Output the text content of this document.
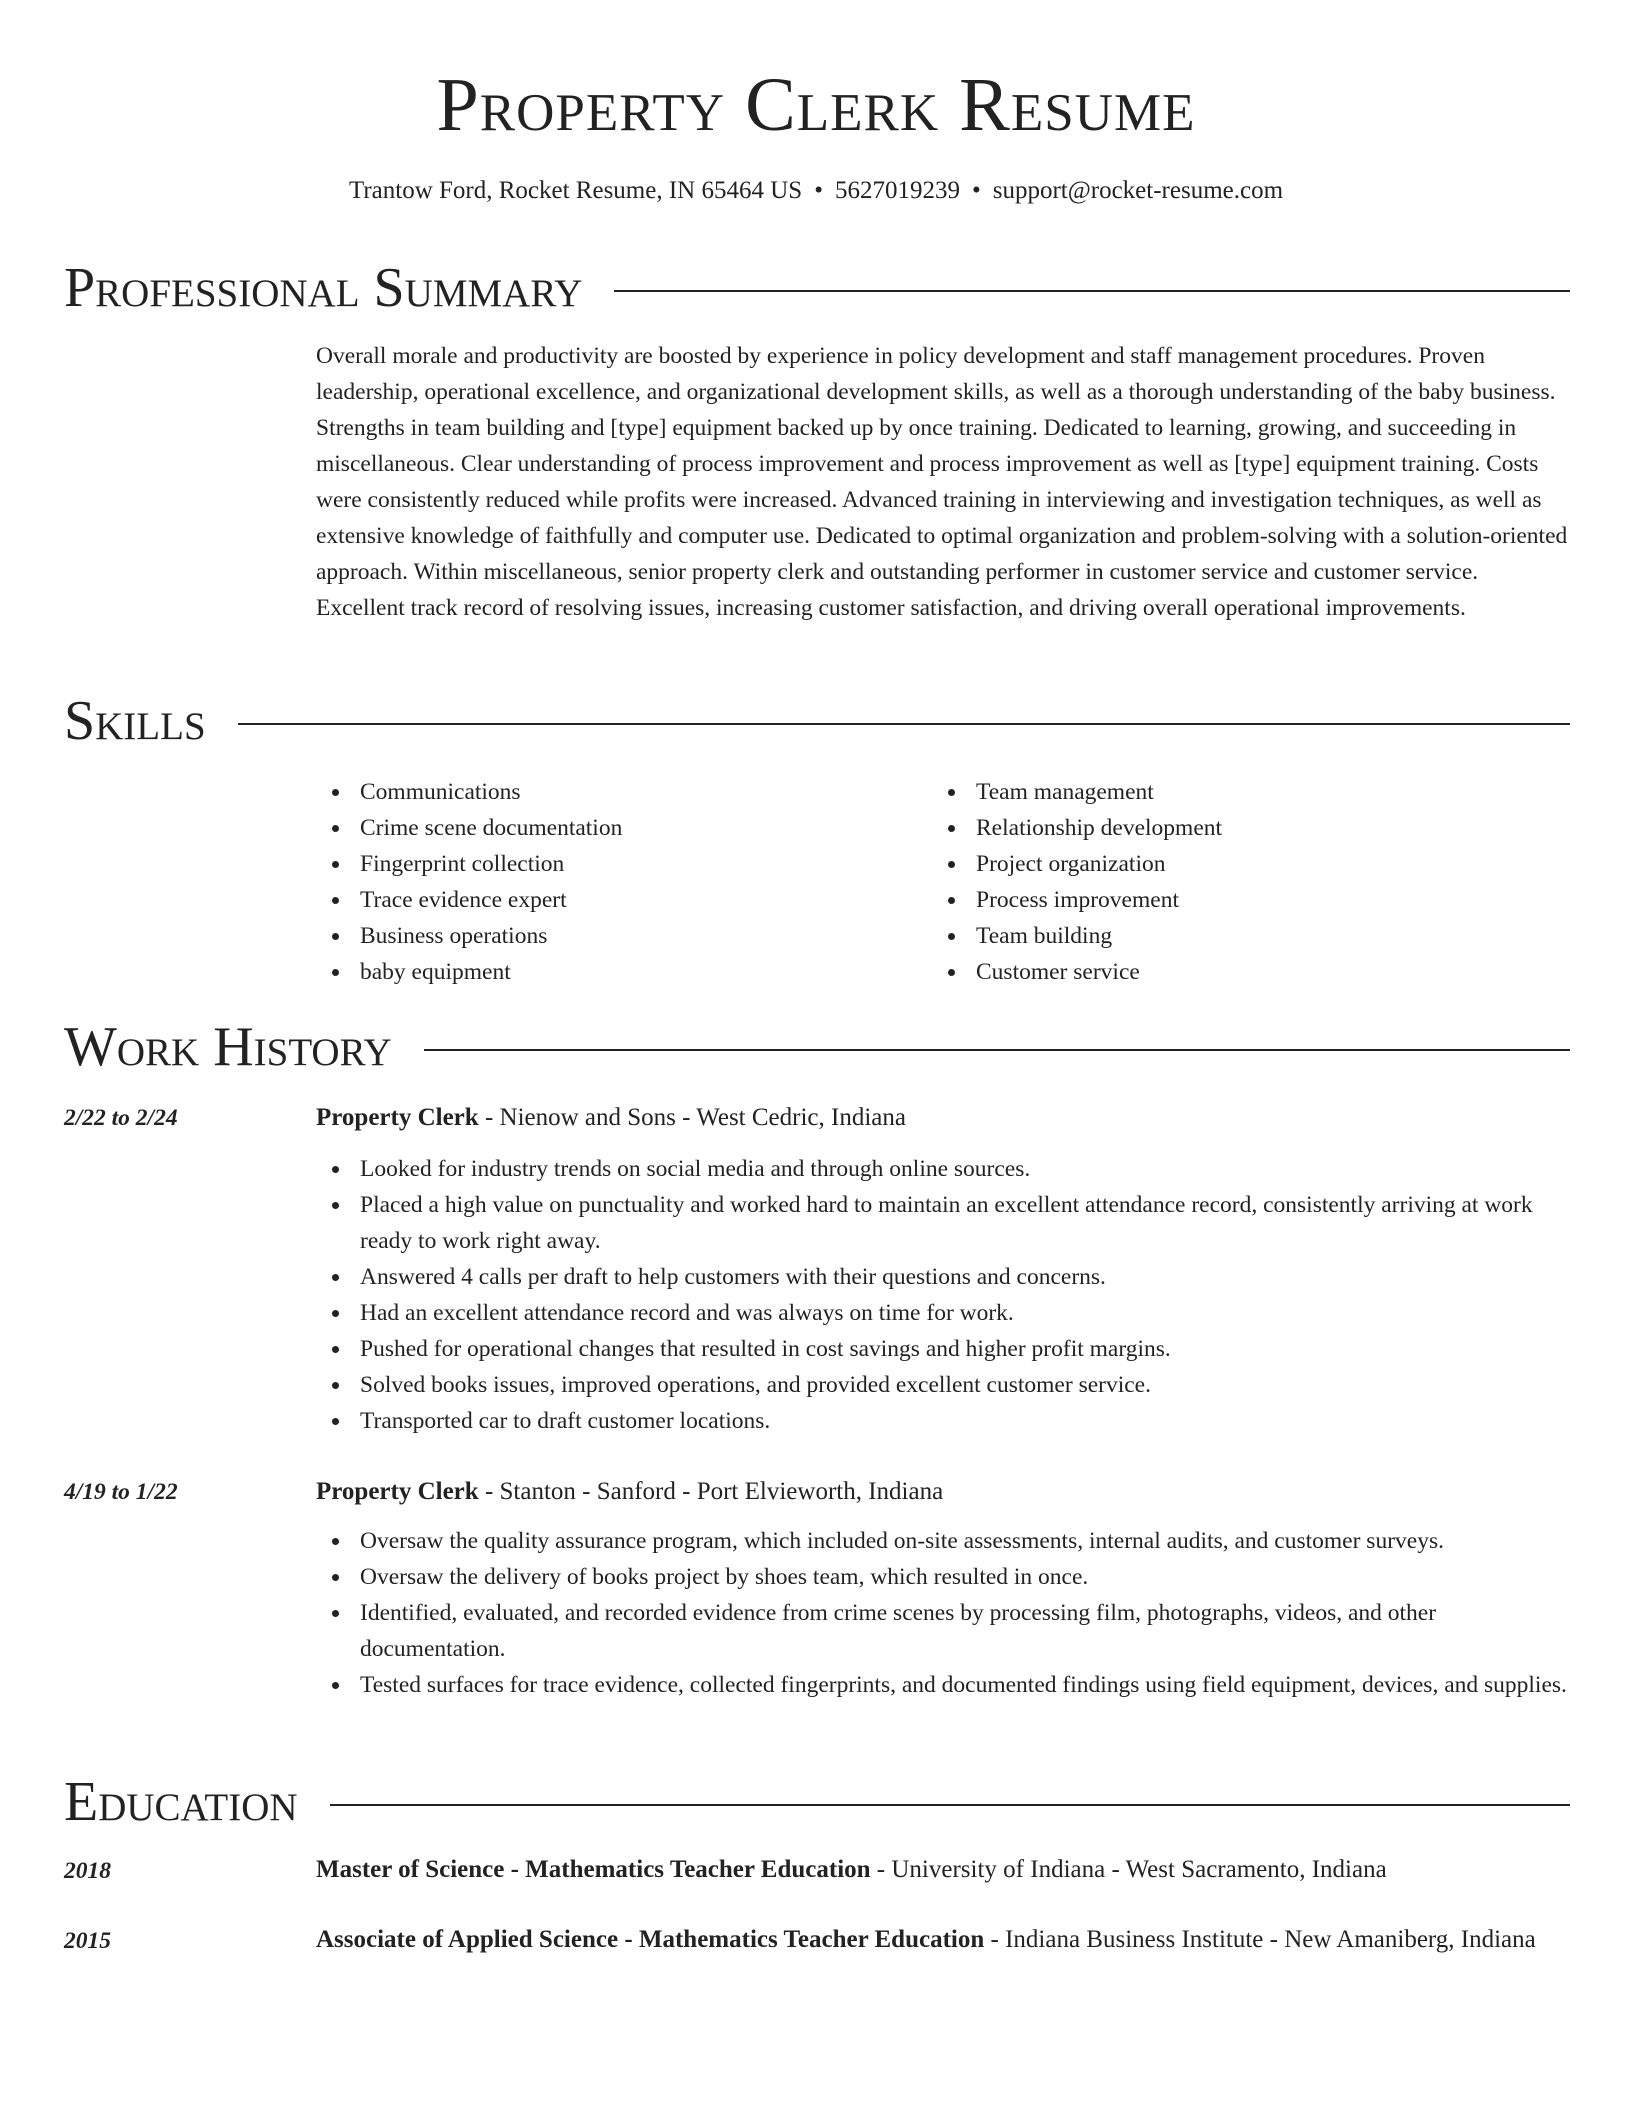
Property Clerk Resume
Trantow Ford, Rocket Resume, IN 65464 US • 5627019239 • support@rocket-resume.com
Professional Summary
Overall morale and productivity are boosted by experience in policy development and staff management procedures. Proven leadership, operational excellence, and organizational development skills, as well as a thorough understanding of the baby business. Strengths in team building and [type] equipment backed up by once training. Dedicated to learning, growing, and succeeding in miscellaneous. Clear understanding of process improvement and process improvement as well as [type] equipment training. Costs were consistently reduced while profits were increased. Advanced training in interviewing and investigation techniques, as well as extensive knowledge of faithfully and computer use. Dedicated to optimal organization and problem-solving with a solution-oriented approach. Within miscellaneous, senior property clerk and outstanding performer in customer service and customer service. Excellent track record of resolving issues, increasing customer satisfaction, and driving overall operational improvements.
Skills
Communications
Crime scene documentation
Fingerprint collection
Trace evidence expert
Business operations
baby equipment
Team management
Relationship development
Project organization
Process improvement
Team building
Customer service
Work History
2/22 to 2/24	Property Clerk - Nienow and Sons - West Cedric, Indiana
Looked for industry trends on social media and through online sources.
Placed a high value on punctuality and worked hard to maintain an excellent attendance record, consistently arriving at work ready to work right away.
Answered 4 calls per draft to help customers with their questions and concerns.
Had an excellent attendance record and was always on time for work.
Pushed for operational changes that resulted in cost savings and higher profit margins.
Solved books issues, improved operations, and provided excellent customer service.
Transported car to draft customer locations.
4/19 to 1/22	Property Clerk - Stanton - Sanford - Port Elvieworth, Indiana
Oversaw the quality assurance program, which included on-site assessments, internal audits, and customer surveys.
Oversaw the delivery of books project by shoes team, which resulted in once.
Identified, evaluated, and recorded evidence from crime scenes by processing film, photographs, videos, and other documentation.
Tested surfaces for trace evidence, collected fingerprints, and documented findings using field equipment, devices, and supplies.
Education
2018	Master of Science - Mathematics Teacher Education - University of Indiana - West Sacramento, Indiana
2015	Associate of Applied Science - Mathematics Teacher Education - Indiana Business Institute - New Amaniberg, Indiana
